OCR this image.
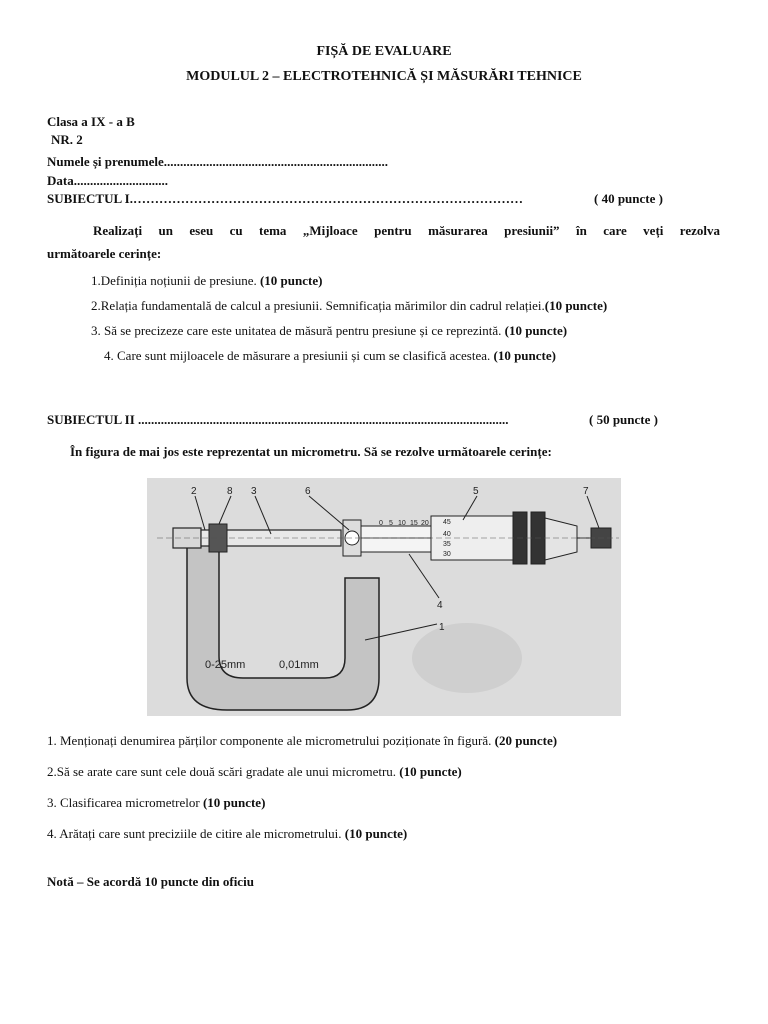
FIȘĂ DE EVALUARE
MODULUL 2 – ELECTROTEHNICĂ ȘI MĂSURĂRI TEHNICE
Clasa a IX - a B
NR. 2
Numele și prenumele.....................................................................
Data.............................
SUBIECTUL I.………………………………………………………………………………	( 40 puncte )
Realizați un eseu cu tema „Mijloace pentru măsurarea presiunii” în care veți rezolva
următoarele cerințe:
1.Definiția noțiunii de presiune. (10 puncte)
2.Relația fundamentală de calcul a presiunii. Semnificația mărimilor din cadrul relației.(10 puncte)
3. Să se precizeze care este unitatea de măsură pentru presiune și ce reprezintă. (10 puncte)
4. Care sunt mijloacele de măsurare a presiunii și cum se clasifică acestea. (10 puncte)
SUBIECTUL II ..................................................................................................................	( 50 puncte )
În figura de mai jos este reprezentat un micrometru. Să se rezolve următoarele cerințe:
2	8 3	6	5	7
4
1
0 5 10 15 20 45
40
35
30
0-25mm	0,01mm
1. Menționați denumirea părților componente ale micrometrului poziționate în figură. (20 puncte)
2.Să se arate care sunt cele două scări gradate ale unui micrometru. (10 puncte)
3. Clasificarea micrometrelor (10 puncte)
4. Arătați care sunt preciziile de citire ale micrometrului. (10 puncte)
Notă – Se acordă 10 puncte din oficiu
